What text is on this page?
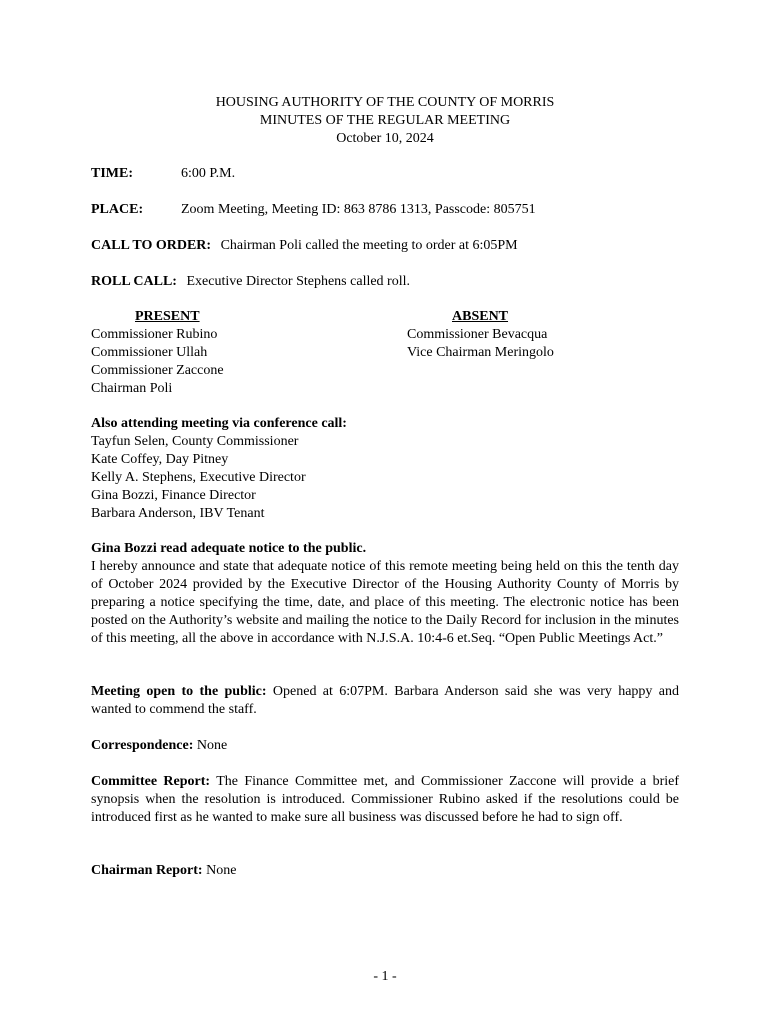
HOUSING AUTHORITY OF THE COUNTY OF MORRIS
MINUTES OF THE REGULAR MEETING
October 10, 2024
TIME:	6:00 P.M.
PLACE:	Zoom Meeting, Meeting ID: 863 8786 1313, Passcode: 805751
CALL TO ORDER: Chairman Poli called the meeting to order at 6:05PM
ROLL CALL: Executive Director Stephens called roll.
PRESENT
Commissioner Rubino
Commissioner Ullah
Commissioner Zaccone
Chairman Poli
ABSENT
Commissioner Bevacqua
Vice Chairman Meringolo
Also attending meeting via conference call:
Tayfun Selen, County Commissioner
Kate Coffey, Day Pitney
Kelly A. Stephens, Executive Director
Gina Bozzi, Finance Director
Barbara Anderson, IBV Tenant
Gina Bozzi read adequate notice to the public.
I hereby announce and state that adequate notice of this remote meeting being held on this the tenth day of October 2024 provided by the Executive Director of the Housing Authority County of Morris by preparing a notice specifying the time, date, and place of this meeting. The electronic notice has been posted on the Authority’s website and mailing the notice to the Daily Record for inclusion in the minutes of this meeting, all the above in accordance with N.J.S.A. 10:4-6 et.Seq. “Open Public Meetings Act.”
Meeting open to the public: Opened at 6:07PM. Barbara Anderson said she was very happy and wanted to commend the staff.
Correspondence: None
Committee Report: The Finance Committee met, and Commissioner Zaccone will provide a brief synopsis when the resolution is introduced. Commissioner Rubino asked if the resolutions could be introduced first as he wanted to make sure all business was discussed before he had to sign off.
Chairman Report: None
- 1 -
